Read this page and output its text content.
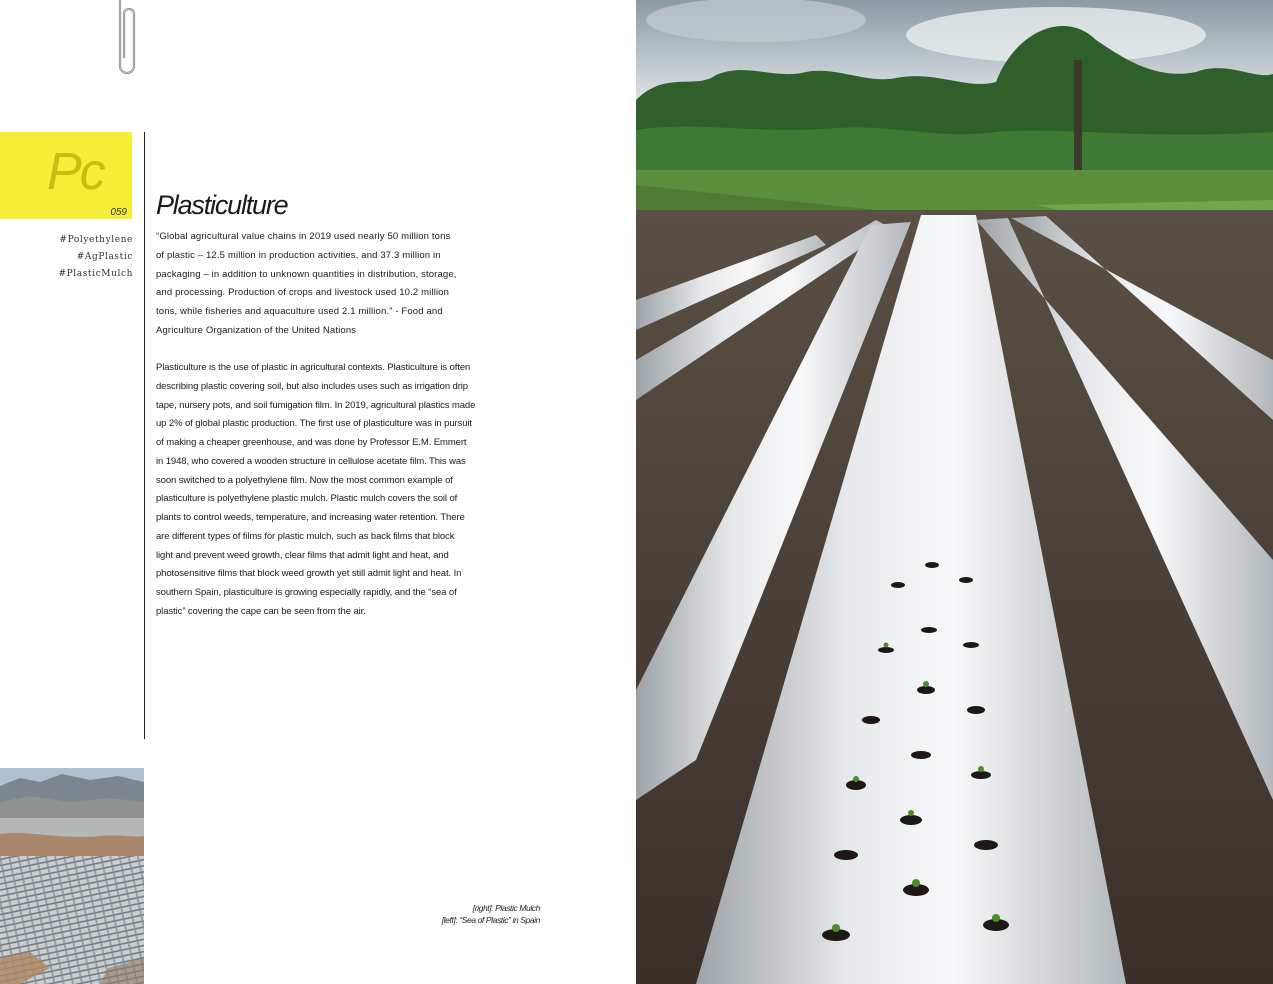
Pc
059
#Polyethylene
#AgPlastic
#PlasticMulch
Plasticulture

“Global agricultural value chains in 2019 used nearly 50 million tons
of plastic – 12.5 million in production activities, and 37.3 million in
packaging – in addition to unknown quantities in distribution, storage,
and processing. Production of crops and livestock used 10.2 million
tons, while fisheries and aquaculture used 2.1 million.” - Food and
Agriculture Organization of the United Nations

Plasticulture is the use of plastic in agricultural contexts. Plasticulture is often
describing plastic covering soil, but also includes uses such as irrigation drip
tape, nursery pots, and soil fumigation film. In 2019, agricultural plastics made
up 2% of global plastic production. The first use of plasticulture was in pursuit
of making a cheaper greenhouse, and was done by Professor E.M. Emmert
in 1948, who covered a wooden structure in cellulose acetate film. This was
soon switched to a polyethylene film. Now the most common example of
plasticulture is polyethylene plastic mulch. Plastic mulch covers the soil of
plants to control weeds, temperature, and increasing water retention. There
are different types of films for plastic mulch, such as back films that block
light and prevent weed growth, clear films that admit light and heat, and
photosensitive films that block weed growth yet still admit light and heat. In
southern Spain, plasticulture is growing especially rapidly, and the “sea of
plastic” covering the cape can be seen from the air.

[right]: Plastic Mulch
[left]: “Sea of Plastic” in Spain
